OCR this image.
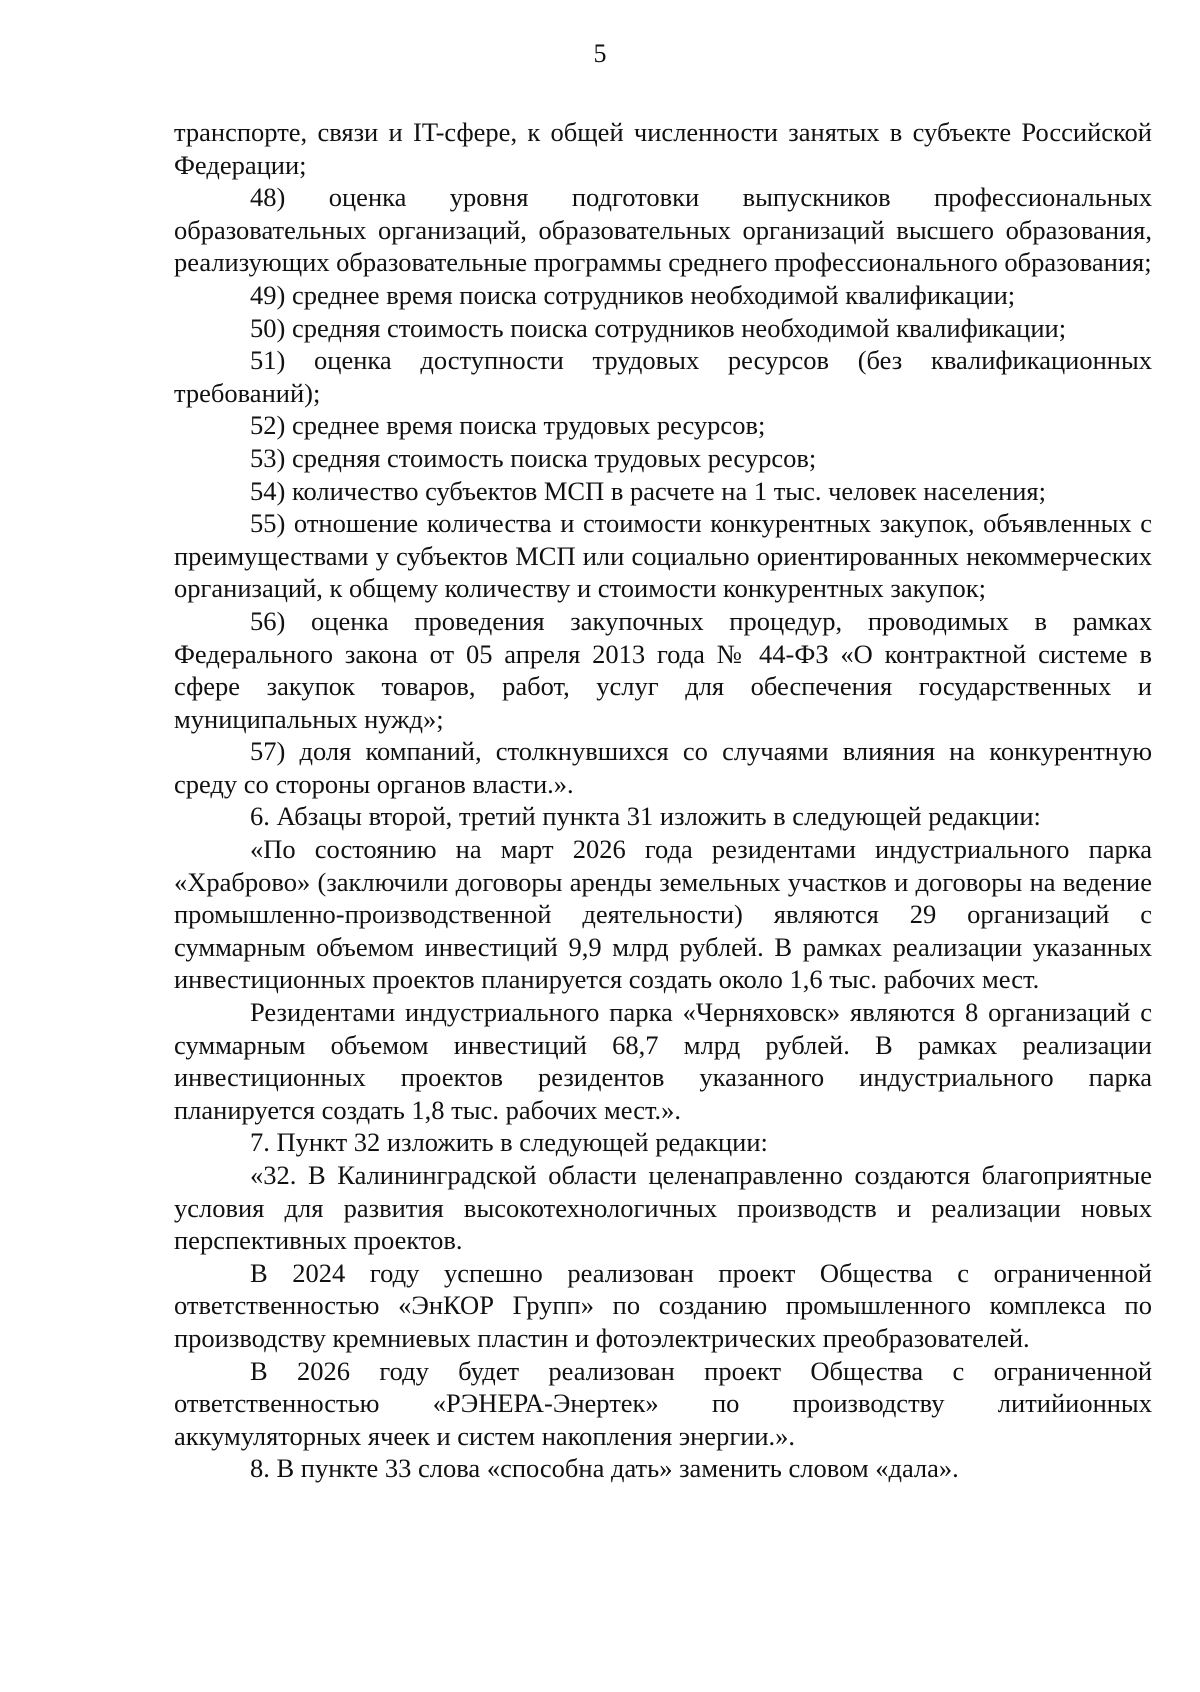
5

транспорте, связи и IT-сфере, к общей численности занятых в субъекте Российской Федерации;

48) оценка уровня подготовки выпускников профессиональных образовательных организаций, образовательных организаций высшего образования, реализующих образовательные программы среднего профессионального образования;

49) среднее время поиска сотрудников необходимой квалификации;

50) средняя стоимость поиска сотрудников необходимой квалификации;

51) оценка доступности трудовых ресурсов (без квалификационных требований);

52) среднее время поиска трудовых ресурсов;

53) средняя стоимость поиска трудовых ресурсов;

54) количество субъектов МСП в расчете на 1 тыс. человек населения;

55) отношение количества и стоимости конкурентных закупок, объявленных с преимуществами у субъектов МСП или социально ориентированных некоммерческих организаций, к общему количеству и стоимости конкурентных закупок;

56) оценка проведения закупочных процедур, проводимых в рамках Федерального закона от 05 апреля 2013 года № 44-ФЗ «О контрактной системе в сфере закупок товаров, работ, услуг для обеспечения государственных и муниципальных нужд»;

57) доля компаний, столкнувшихся со случаями влияния на конкурентную среду со стороны органов власти.».

6. Абзацы второй, третий пункта 31 изложить в следующей редакции:

«По состоянию на март 2026 года резидентами индустриального парка «Храброво» (заключили договоры аренды земельных участков и договоры на ведение промышленно-производственной деятельности) являются 29 организаций с суммарным объемом инвестиций 9,9 млрд рублей. В рамках реализации указанных инвестиционных проектов планируется создать около 1,6 тыс. рабочих мест.

Резидентами индустриального парка «Черняховск» являются 8 организаций с суммарным объемом инвестиций 68,7 млрд рублей. В рамках реализации инвестиционных проектов резидентов указанного индустриального парка планируется создать 1,8 тыс. рабочих мест.».

7. Пункт 32 изложить в следующей редакции:

«32. В Калининградской области целенаправленно создаются благоприятные условия для развития высокотехнологичных производств и реализации новых перспективных проектов.

В 2024 году успешно реализован проект Общества с ограниченной ответственностью «ЭнКОР Групп» по созданию промышленного комплекса по производству кремниевых пластин и фотоэлектрических преобразователей.

В 2026 году будет реализован проект Общества с ограниченной ответственностью «РЭНЕРА-Энертек» по производству литийионных аккумуляторных ячеек и систем накопления энергии.».

8. В пункте 33 слова «способна дать» заменить словом «дала».
